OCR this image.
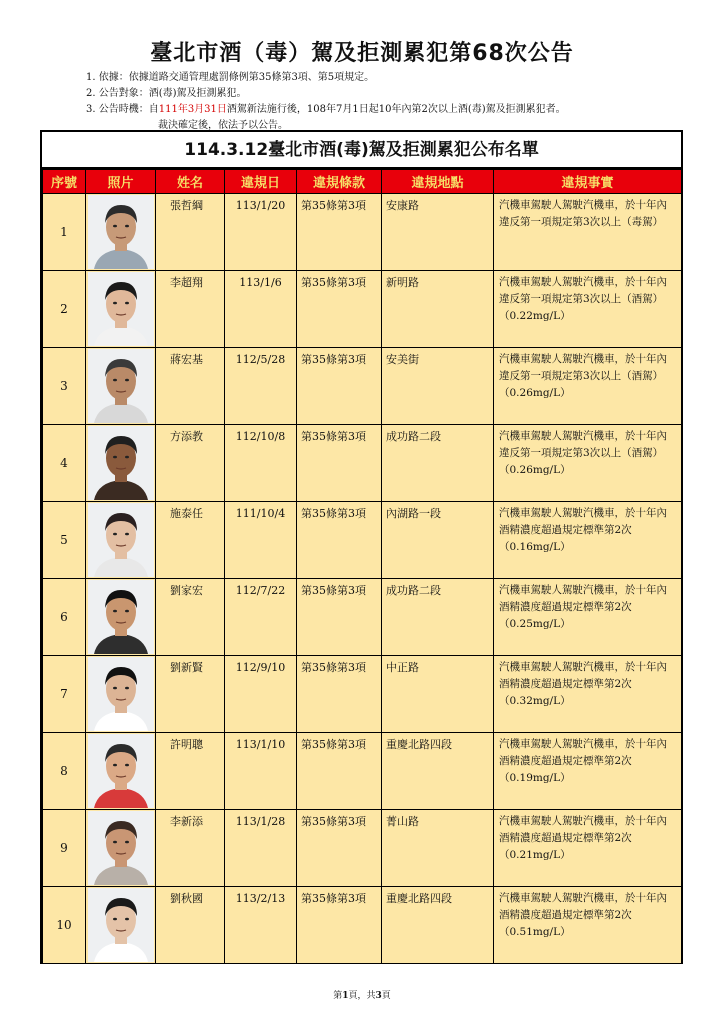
臺北市酒（毒）駕及拒測累犯第68次公告
1. 依據：依據道路交通管理處罰條例第35條第3項、第5項規定。
2. 公告對象：酒(毒)駕及拒測累犯。
3. 公告時機：自111年3月31日酒駕新法施行後，108年7月1日起10年內第2次以上酒(毒)駕及拒測累犯者。
裁決確定後，依法予以公告。
114.3.12臺北市酒(毒)駕及拒測累犯公布名單
序號	照片	姓名	違規日	違規條款	違規地點	違規事實
1		張哲綱	113/1/20	第35條第3項	安康路	汽機車駕駛人駕駛汽機車，於十年內違反第一項規定第3次以上（毒駕）
2		李超翔	113/1/6	第35條第3項	新明路	汽機車駕駛人駕駛汽機車，於十年內違反第一項規定第3次以上（酒駕）（0.22mg/L）
3		蔣宏基	112/5/28	第35條第3項	安美街	汽機車駕駛人駕駛汽機車，於十年內違反第一項規定第3次以上（酒駕）（0.26mg/L）
4		方添教	112/10/8	第35條第3項	成功路二段	汽機車駕駛人駕駛汽機車，於十年內違反第一項規定第3次以上（酒駕）（0.26mg/L）
5		施泰任	111/10/4	第35條第3項	內湖路一段	汽機車駕駛人駕駛汽機車，於十年內酒精濃度超過規定標準第2次（0.16mg/L）
6		劉家宏	112/7/22	第35條第3項	成功路二段	汽機車駕駛人駕駛汽機車，於十年內酒精濃度超過規定標準第2次（0.25mg/L）
7		劉新賢	112/9/10	第35條第3項	中正路	汽機車駕駛人駕駛汽機車，於十年內酒精濃度超過規定標準第2次（0.32mg/L）
8		許明聰	113/1/10	第35條第3項	重慶北路四段	汽機車駕駛人駕駛汽機車，於十年內酒精濃度超過規定標準第2次（0.19mg/L）
9		李新添	113/1/28	第35條第3項	菁山路	汽機車駕駛人駕駛汽機車，於十年內酒精濃度超過規定標準第2次（0.21mg/L）
10		劉秋國	113/2/13	第35條第3項	重慶北路四段	汽機車駕駛人駕駛汽機車，於十年內酒精濃度超過規定標準第2次（0.51mg/L）
第1頁，共3頁
